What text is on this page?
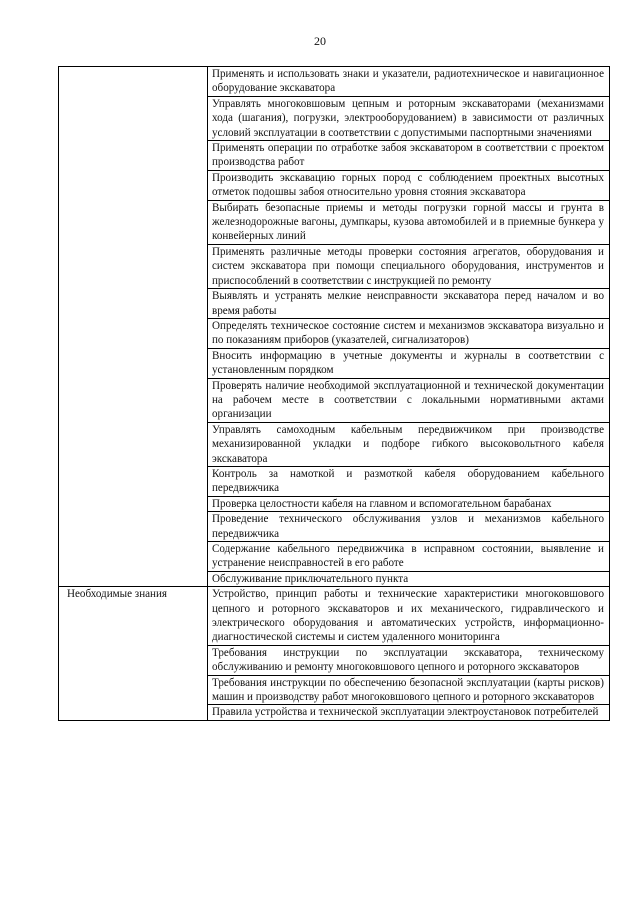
20
	Применять и использовать знаки и указатели, радиотехническое и навигационное оборудование экскаватора
	Управлять многоковшовым цепным и роторным экскаваторами (механизмами хода (шагания), погрузки, электрооборудованием) в зависимости от различных условий эксплуатации в соответствии с допустимыми паспортными значениями
	Применять операции по отработке забоя экскаватором в соответствии с проектом производства работ
	Производить экскавацию горных пород с соблюдением проектных высотных отметок подошвы забоя относительно уровня стояния экскаватора
	Выбирать безопасные приемы и методы погрузки горной массы и грунта в железнодорожные вагоны, думпкары, кузова автомобилей и в приемные бункера у конвейерных линий
	Применять различные методы проверки состояния агрегатов, оборудования и систем экскаватора при помощи специального оборудования, инструментов и приспособлений в соответствии с инструкцией по ремонту
	Выявлять и устранять мелкие неисправности экскаватора перед началом и во время работы
	Определять техническое состояние систем и механизмов экскаватора визуально и по показаниям приборов (указателей, сигнализаторов)
	Вносить информацию в учетные документы и журналы в соответствии с установленным порядком
	Проверять наличие необходимой эксплуатационной и технической документации на рабочем месте в соответствии с локальными нормативными актами организации
	Управлять самоходным кабельным передвижчиком при производстве механизированной укладки и подборе гибкого высоковольтного кабеля экскаватора
	Контроль за намоткой и размоткой кабеля оборудованием кабельного передвижчика
	Проверка целостности кабеля на главном и вспомогательном барабанах
	Проведение технического обслуживания узлов и механизмов кабельного передвижчика
	Содержание кабельного передвижчика в исправном состоянии, выявление и устранение неисправностей в его работе
	Обслуживание приключательного пункта
Необходимые знания	Устройство, принцип работы и технические характеристики многоковшового цепного и роторного экскаваторов и их механического, гидравлического и электрического оборудования и автоматических устройств, информационно-диагностической системы и систем удаленного мониторинга
	Требования инструкции по эксплуатации экскаватора, техническому обслуживанию и ремонту многоковшового цепного и роторного экскаваторов
	Требования инструкции по обеспечению безопасной эксплуатации (карты рисков) машин и производству работ многоковшового цепного и роторного экскаваторов
	Правила устройства и технической эксплуатации электроустановок потребителей
